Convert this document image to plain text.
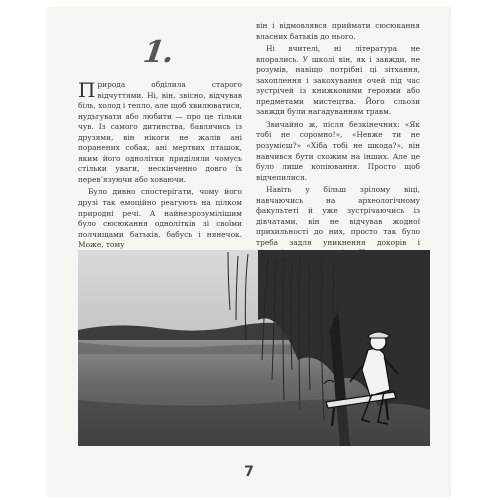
1.

Природа обділила старого відчуттями. Ні, він, звісно, відчував біль, холод і тепло, але щоб хвилюватися, нудьгувати або любити — про це тільки чув. Із самого дитинства, бавлячись із друзями, він нікоги не жалів ані поранених собак, ані мертвих пташок, яким його однолітки приділяли чомусь стільки уваги, нескінченно довго їх перев’язуючи або ховаючи.

Було дивно спостерігати, чому його друзі так емоційно реагують на цілком природні речі. А найнезрозумілішим було сюсюкання однолітків зі своїми полчищами батьків, бабусь і нянечок. Може, тому

він і відмовлявся приймати сюсюкання власних батьків до нього.

Ні вчителі, ні література не впорались. У школі він, як і завжди, не розумів, навіщо потрібні ці зітхання, захоплення і закохування очей під час зустрічей із книжковими героями або предметами мистецтва. Його сльози завжди були нагадуванням травм.

Звичайно ж, після безкінечних: «Як тобі не соромно!», «Невже ти не розумієш?» «Хіба тобі не шкода?», він навчився бути схожим на інших. Але це було лише копіювання. Просто щоб відчепилися.

Навіть у більш зрілому віці, навчаючись на археологічному факультеті й уже зустрічаючись із дівчатами, він не відчував жодної прихильності до них, просто так було треба задля уникнення докорів і

7
